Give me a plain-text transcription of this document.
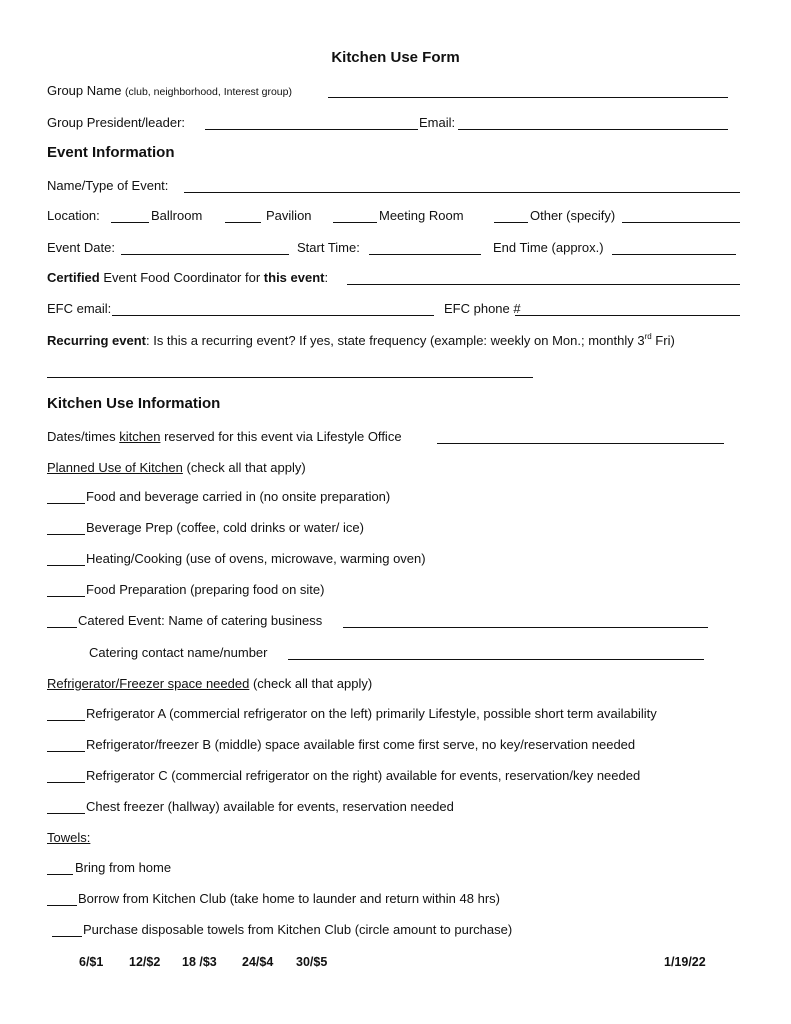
Kitchen Use Form
Group Name (club, neighborhood, Interest group)
Group President/leader:	Email:
Event Information
Name/Type of Event:
Location:	Ballroom	Pavilion	Meeting Room	Other (specify)
Event Date:	Start Time:	End Time (approx.)
Certified Event Food Coordinator for this event:
EFC email:	EFC phone #
Recurring event: Is this a recurring event? If yes, state frequency (example: weekly on Mon.; monthly 3rd Fri)
Kitchen Use Information
Dates/times kitchen reserved for this event via Lifestyle Office
Planned Use of Kitchen (check all that apply)
Food and beverage carried in (no onsite preparation)
Beverage Prep (coffee, cold drinks or water/ ice)
Heating/Cooking (use of ovens, microwave, warming oven)
Food Preparation (preparing food on site)
Catered Event: Name of catering business
Catering contact name/number
Refrigerator/Freezer space needed (check all that apply)
Refrigerator A (commercial refrigerator on the left) primarily Lifestyle, possible short term availability
Refrigerator/freezer B (middle) space available first come first serve, no key/reservation needed
Refrigerator C (commercial refrigerator on the right) available for events, reservation/key needed
Chest freezer (hallway) available for events, reservation needed
Towels:
Bring from home
Borrow from Kitchen Club (take home to launder and return within 48 hrs)
Purchase disposable towels from Kitchen Club (circle amount to purchase)
6/$1 12/$2 18 /$3 24/$4 30/$5	1/19/22
